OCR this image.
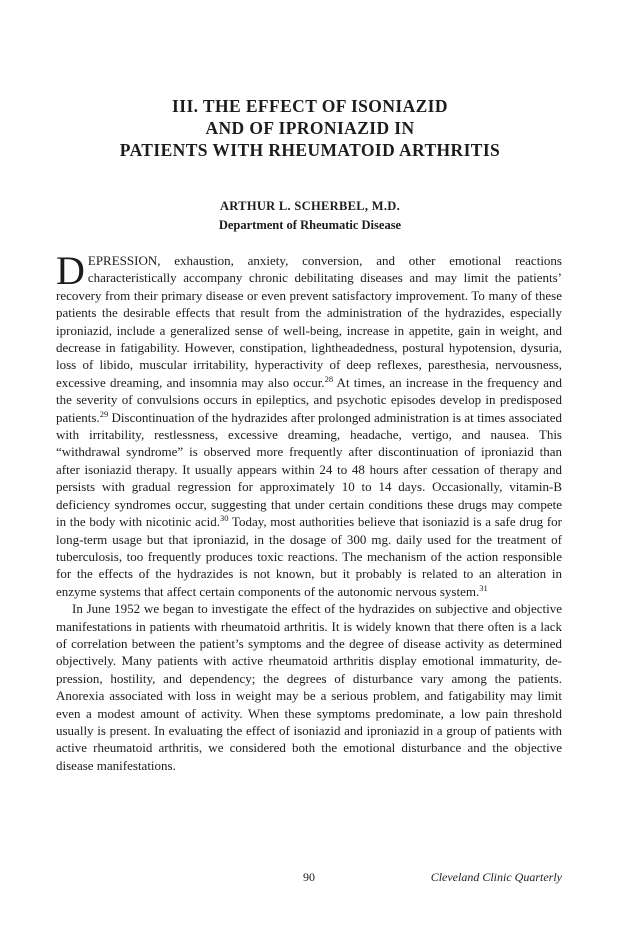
III. THE EFFECT OF ISONIAZID
AND OF IPRONIAZID IN
PATIENTS WITH RHEUMATOID ARTHRITIS
ARTHUR L. SCHERBEL, M.D.
Department of Rheumatic Disease

DEPRESSION, exhaustion, anxiety, conversion, and other emotional reactions characteristically accompany chronic debilitating diseases and may limit the patients’ recovery from their primary disease or even prevent satisfactory improvement. To many of these patients the desirable effects that result from the administration of the hydrazides, especially iproniazid, include a generalized sense of well-being, increase in appetite, gain in weight, and decrease in fatigability. However, constipation, lightheadedness, postural hypotension, dysuria, loss of libido, muscular irritability, hyperactivity of deep reflexes, paresthesia, nervousness, excessive dreaming, and insomnia may also occur.$^{28}$ At times, an increase in the frequency and the severity of convulsions occurs in epileptics, and psychotic episodes develop in predisposed patients.$^{29}$ Discontinuation of the hydrazides after prolonged administration is at times associated with irritability, restlessness, excessive dreaming, headache, vertigo, and nausea. This “withdrawal syndrome” is observed more frequently after discontinuation of iproniazid than after isoniazid therapy. It usually appears within 24 to 48 hours after cessation of therapy and persists with gradual regression for approximately 10 to 14 days. Occasionally, vitamin-B deficiency syndromes occur, suggesting that under certain conditions these drugs may compete in the body with nicotinic acid.$^{30}$ Today, most authorities believe that isoniazid is a safe drug for long-term usage but that iproniazid, in the dosage of 300 mg. daily used for the treatment of tuberculosis, too frequently produces toxic reactions. The mechanism of the action responsible for the effects of the hydrazides is not known, but it probably is related to an alteration in enzyme systems that affect certain components of the autonomic nervous system.$^{31}$

In June 1952 we began to investigate the effect of the hydrazides on subjective and objective manifestations in patients with rheumatoid arthritis. It is widely known that there often is a lack of correlation between the patient’s symptoms and the degree of disease activity as determined objectively. Many patients with active rheumatoid arthritis display emotional immaturity, depression, hostility, and dependency; the degrees of disturbance vary among the patients. Anorexia associated with loss in weight may be a serious problem, and fatigability may limit even a modest amount of activity. When these symptoms predominate, a low pain threshold usually is present. In evaluating the effect of isoniazid and iproniazid in a group of patients with active rheumatoid arthritis, we considered both the emotional disturbance and the objective disease manifestations.

90	Cleveland Clinic Quarterly
